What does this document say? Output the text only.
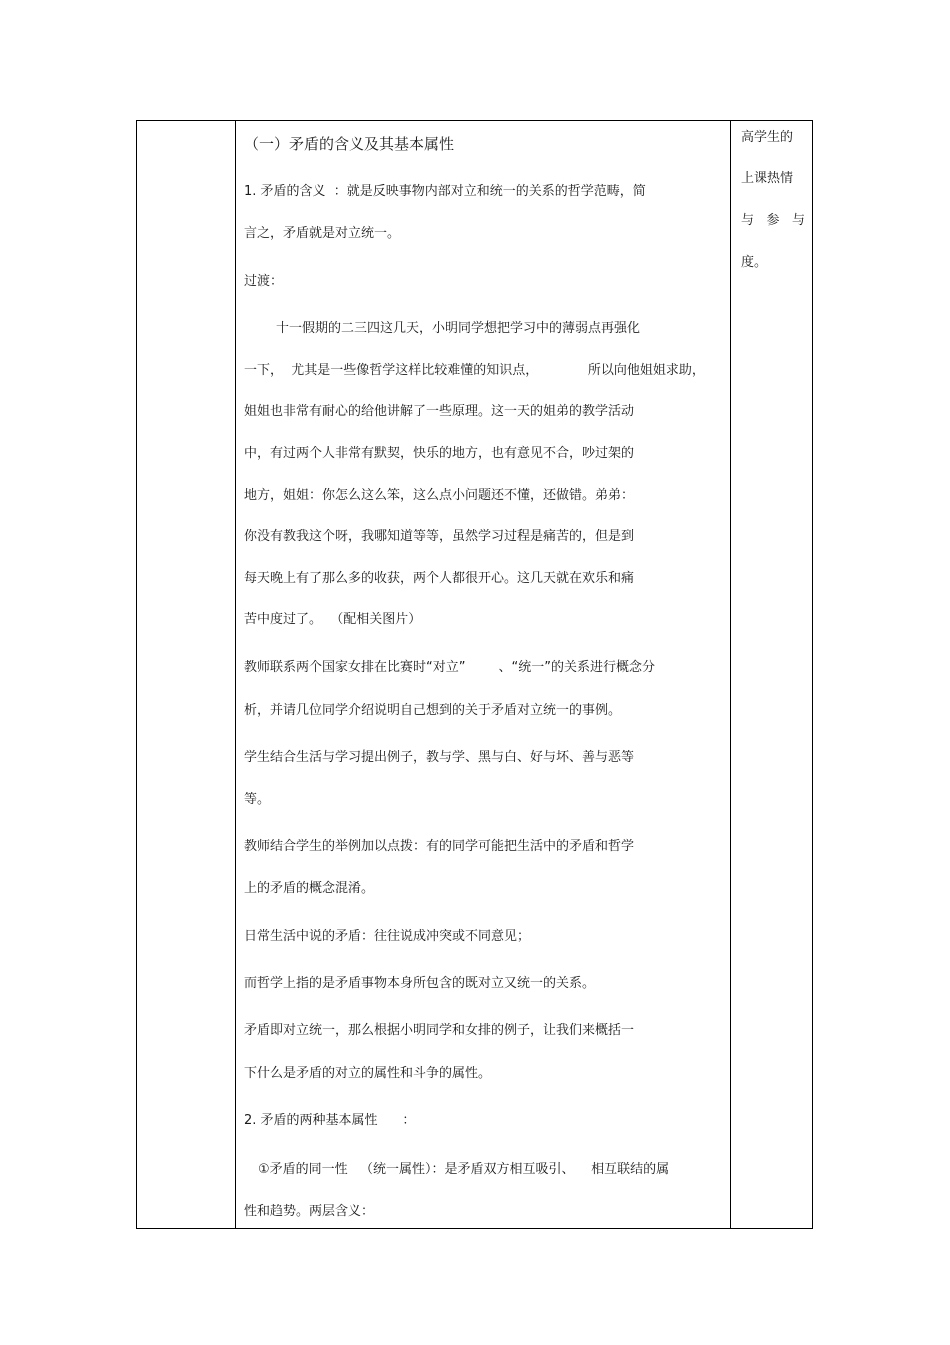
（一）矛盾的含义及其基本属性
1. 矛盾的含义  ：就是反映事物内部对立和统一的关系的哲学范畴，简
言之，矛盾就是对立统一。
过渡：
十一假期的二三四这几天，小明同学想把学习中的薄弱点再强化
一下，  尤其是一些像哲学这样比较难懂的知识点，            所以向他姐姐求助，
姐姐也非常有耐心的给他讲解了一些原理。这一天的姐弟的教学活动
中，有过两个人非常有默契，快乐的地方，也有意见不合，吵过架的
地方，姐姐：你怎么这么笨，这么点小问题还不懂，还做错。弟弟：
你没有教我这个呀，我哪知道等等，虽然学习过程是痛苦的，但是到
每天晚上有了那么多的收获，两个人都很开心。这几天就在欢乐和痛
苦中度过了。  （配相关图片）
教师联系两个国家女排在比赛时“对立”        、“统一”的关系进行概念分
析，并请几位同学介绍说明自己想到的关于矛盾对立统一的事例。
学生结合生活与学习提出例子，教与学、黑与白、好与坏、善与恶等
等。
教师结合学生的举例加以点拨：有的同学可能把生活中的矛盾和哲学
上的矛盾的概念混淆。
日常生活中说的矛盾：往往说成冲突或不同意见；
而哲学上指的是矛盾事物本身所包含的既对立又统一的关系。
矛盾即对立统一，那么根据小明同学和女排的例子，让我们来概括一
下什么是矛盾的对立的属性和斗争的属性。
2. 矛盾的两种基本属性      ：
①矛盾的同一性   （统一属性）：是矛盾双方相互吸引、    相互联结的属
性和趋势。两层含义：
高学生的
上课热情
与 参 与
度。
